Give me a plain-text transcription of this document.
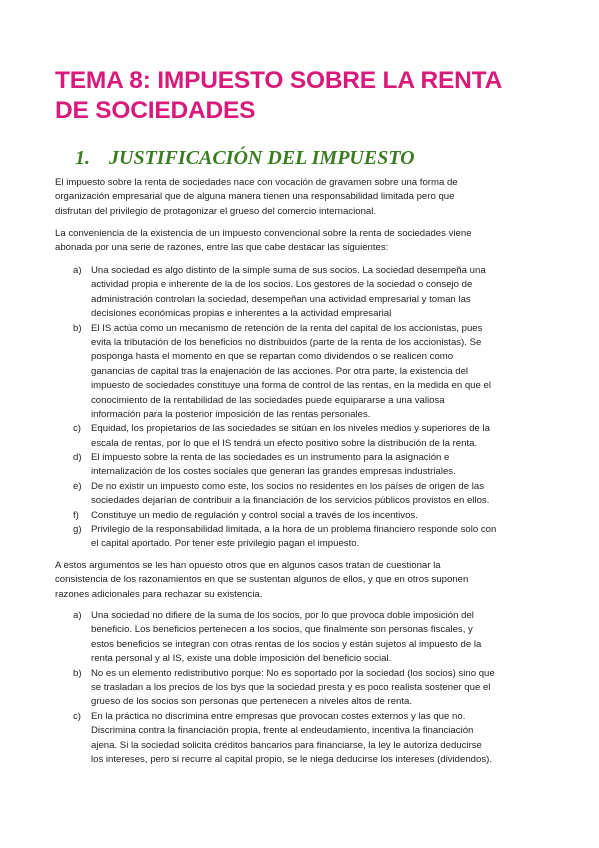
TEMA 8: IMPUESTO SOBRE LA RENTA
DE SOCIEDADES
1. JUSTIFICACIÓN DEL IMPUESTO
El impuesto sobre la renta de sociedades nace con vocación de gravamen sobre una forma de
organización empresarial que de alguna manera tienen una responsabilidad limitada pero que
disfrutan del privilegio de protagonizar el grueso del comercio internacional.
La conveniencia de la existencia de un impuesto convencional sobre la renta de sociedades viene
abonada por una serie de razones, entre las que cabe destacar las siguientes:
a) Una sociedad es algo distinto de la simple suma de sus socios. La sociedad desempeña una
actividad propia e inherente de la de los socios. Los gestores de la sociedad o consejo de
administración controlan la sociedad, desempeñan una actividad empresarial y toman las
decisiones económicas propias e inherentes a la actividad empresarial
b) El IS actúa como un mecanismo de retención de la renta del capital de los accionistas, pues
evita la tributación de los beneficios no distribuidos (parte de la renta de los accionistas). Se
posponga hasta el momento en que se repartan como dividendos o se realicen como
ganancias de capital tras la enajenación de las acciones. Por otra parte, la existencia del
impuesto de sociedades constituye una forma de control de las rentas, en la medida en que el
conocimiento de la rentabilidad de las sociedades puede equipararse a una valiosa
información para la posterior imposición de las rentas personales.
c) Equidad, los propietarios de las sociedades se sitúan en los niveles medios y superiores de la
escala de rentas, por lo que el IS tendrá un efecto positivo sobre la distribución de la renta.
d) El impuesto sobre la renta de las sociedades es un instrumento para la asignación e
internalización de los costes sociales que generan las grandes empresas industriales.
e) De no existir un impuesto como este, los socios no residentes en los países de origen de las
sociedades dejarían de contribuir a la financiación de los servicios públicos provistos en ellos.
f) Constituye un medio de regulación y control social a través de los incentivos.
g) Privilegio de la responsabilidad limitada, a la hora de un problema financiero responde solo con
el capital aportado. Por tener este privilegio pagan el impuesto.
A estos argumentos se les han opuesto otros que en algunos casos tratan de cuestionar la
consistencia de los razonamientos en que se sustentan algunos de ellos, y que en otros suponen
razones adicionales para rechazar su existencia.
a) Una sociedad no difiere de la suma de los socios, por lo que provoca doble imposición del
beneficio. Los beneficios pertenecen a los socios, que finalmente son personas fiscales, y
estos beneficios se integran con otras rentas de los socios y están sujetos al impuesto de la
renta personal y al IS, existe una doble imposición del beneficio social.
b) No es un elemento redistributivo porque: No es soportado por la sociedad (los socios) sino que
se trasladan a los precios de los bys que la sociedad presta y es poco realista sostener que el
grueso de los socios son personas que pertenecen a niveles altos de renta.
c) En la práctica no discrimina entre empresas que provocan costes externos y las que no.
Discrimina contra la financiación propia, frente al endeudamiento, incentiva la financiación
ajena. Si la sociedad solicita créditos bancarios para financiarse, la ley le autoriza deducirse
los intereses, pero si recurre al capital propio, se le niega deducirse los intereses (dividendos).
